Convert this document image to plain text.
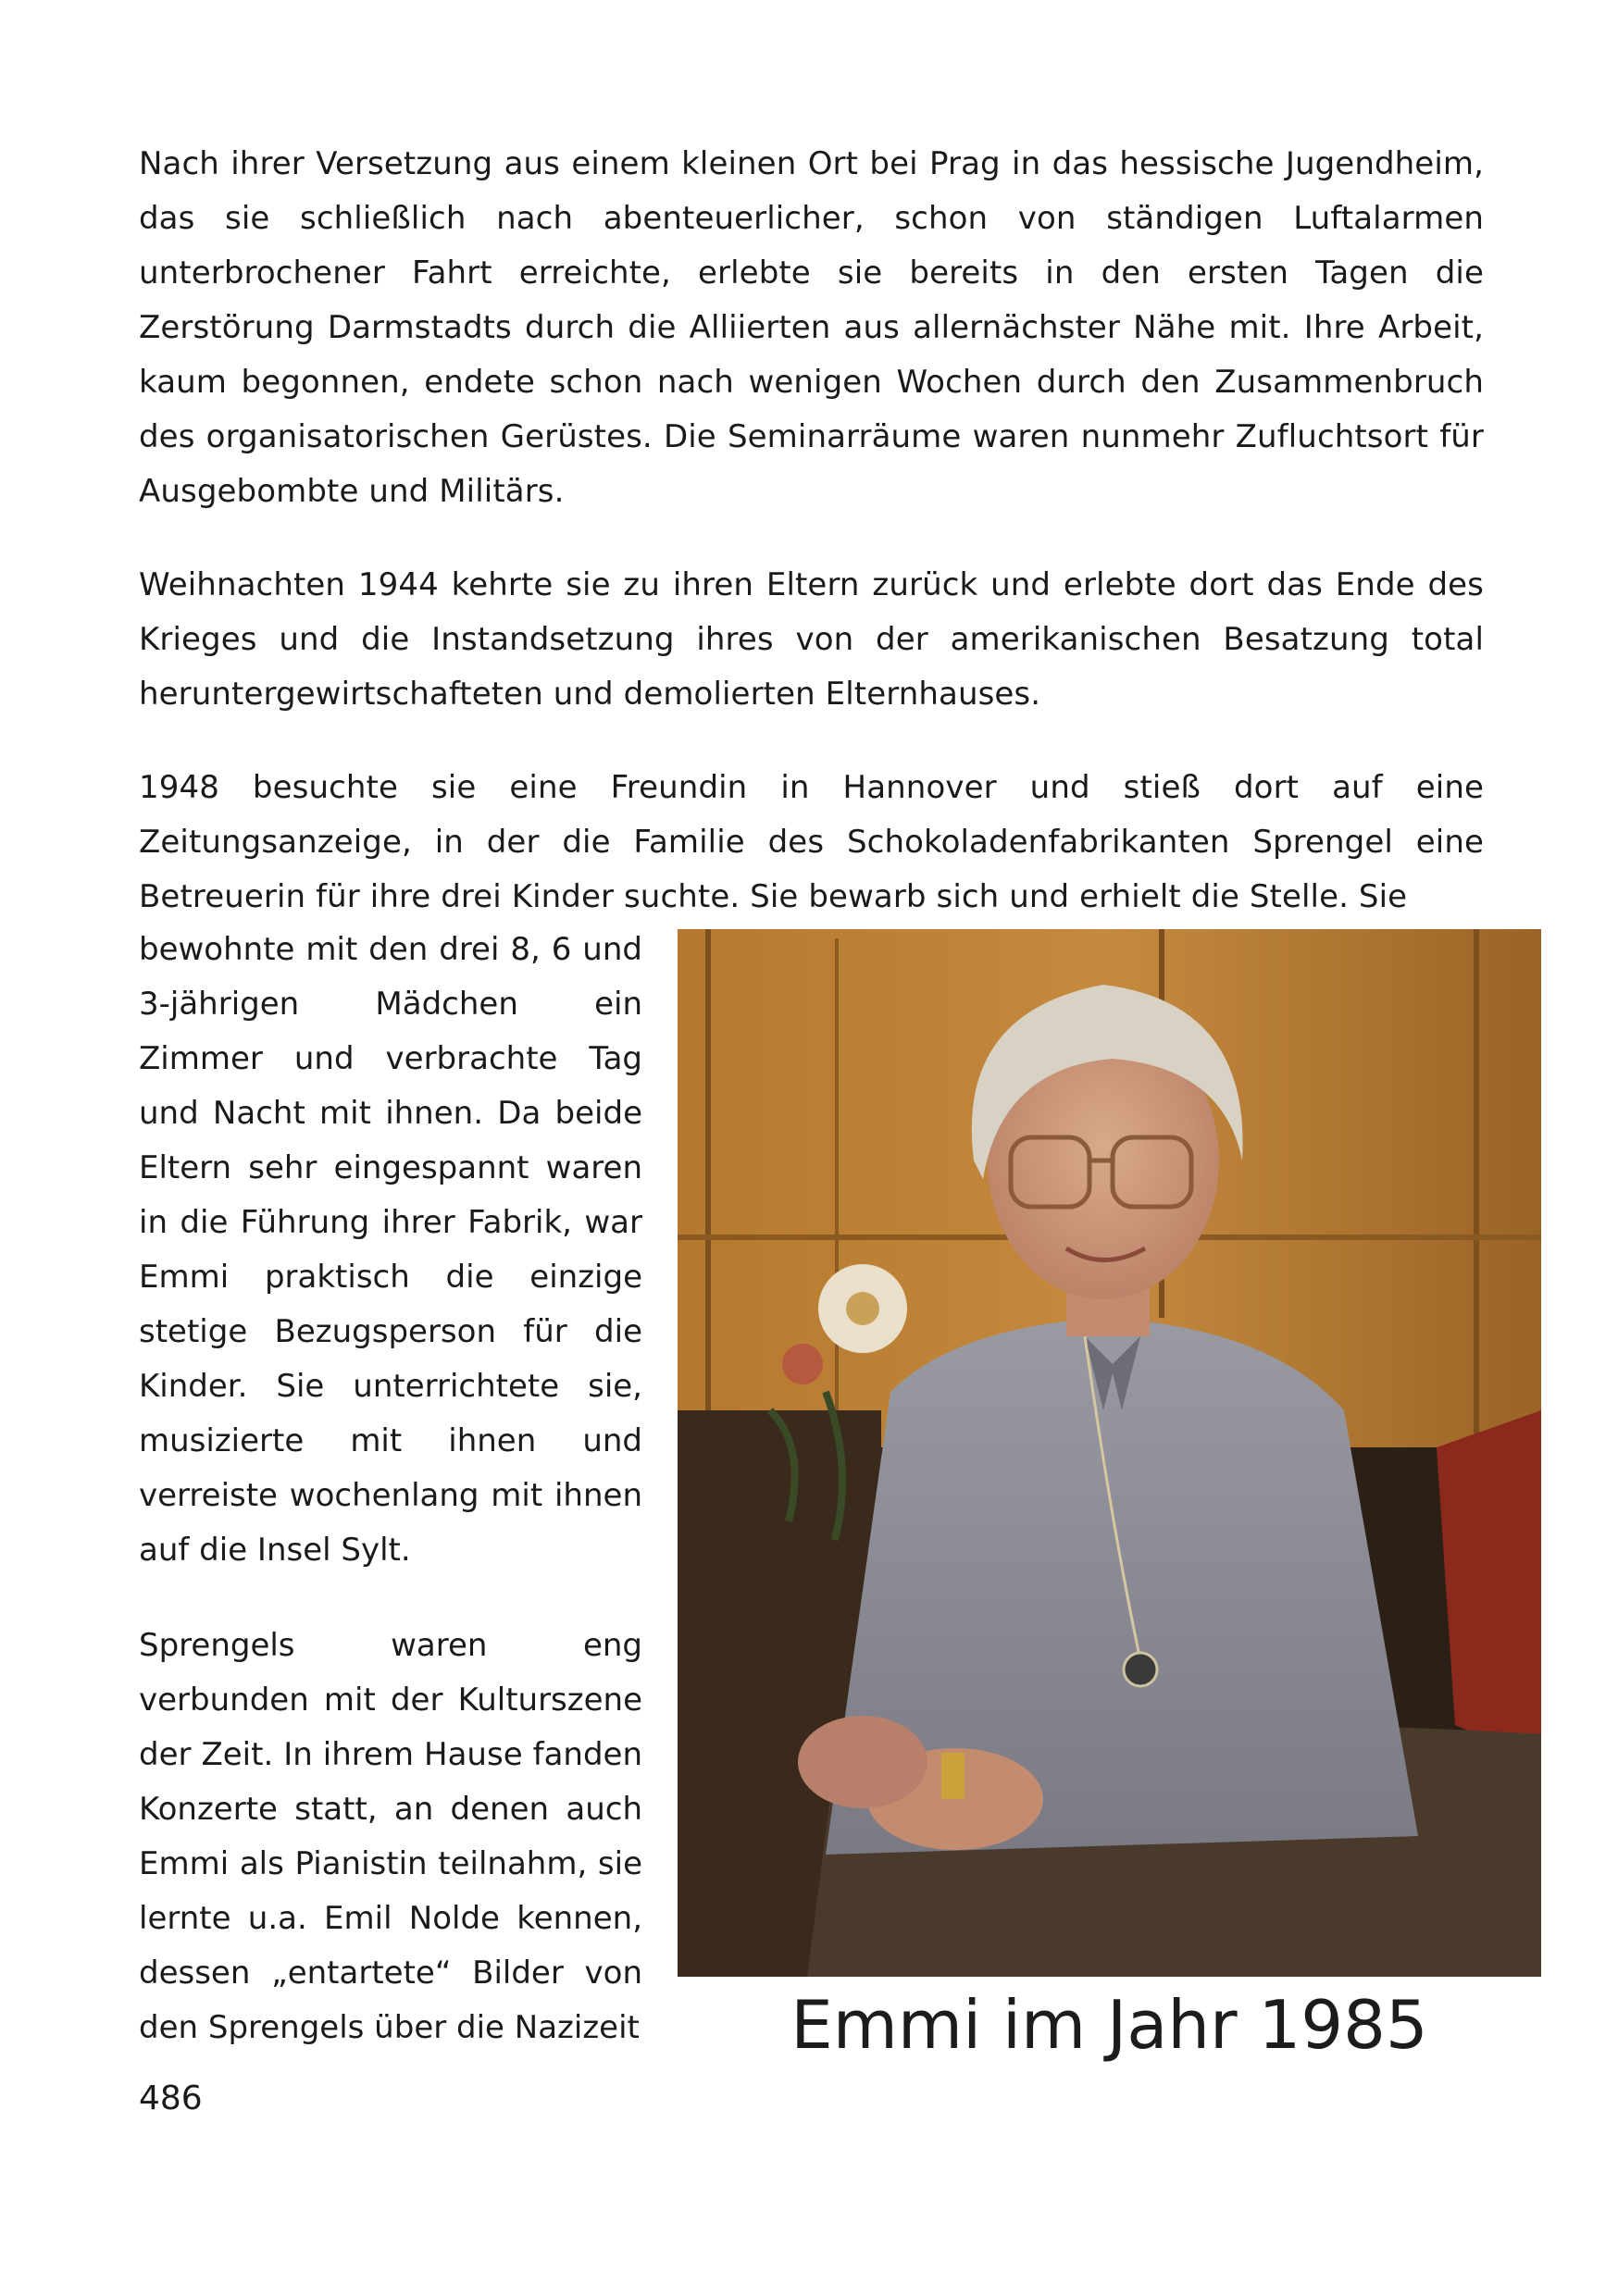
Nach ihrer Versetzung aus einem kleinen Ort bei Prag in das hessische Jugendheim, das sie schließlich nach abenteuerlicher, schon von ständigen Luftalarmen unterbrochener Fahrt erreichte, erlebte sie bereits in den ersten Tagen die Zerstörung Darmstadts durch die Alliierten aus allernächster Nähe mit. Ihre Arbeit, kaum begonnen, endete schon nach wenigen Wochen durch den Zusammenbruch des organisatorischen Gerüstes. Die Seminarräume waren nunmehr Zufluchtsort für Ausgebombte und Militärs.

Weihnachten 1944 kehrte sie zu ihren Eltern zurück und erlebte dort das Ende des Krieges und die Instandsetzung ihres von der amerikanischen Besatzung total heruntergewirtschafteten und demolierten Elternhauses.

1948 besuchte sie eine Freundin in Hannover und stieß dort auf eine Zeitungsanzeige, in der die Familie des Schokoladenfabrikanten Sprengel eine Betreuerin für ihre drei Kinder suchte. Sie bewarb sich und erhielt die Stelle. Sie

bewohnte mit den drei 8, 6 und 3-jährigen Mädchen ein Zimmer und verbrachte Tag und Nacht mit ihnen. Da beide Eltern sehr eingespannt waren in die Führung ihrer Fabrik, war Emmi praktisch die einzige stetige Bezugsperson für die Kinder. Sie unterrichtete sie, musizierte mit ihnen und verreiste wochenlang mit ihnen auf die Insel Sylt.

Sprengels waren eng verbunden mit der Kulturszene der Zeit. In ihrem Hause fanden Konzerte statt, an denen auch Emmi als Pianistin teilnahm, sie lernte u.a. Emil Nolde kennen, dessen „entartete“ Bilder von den Sprengels über die Nazizeit	Emmi im Jahr 1985

486
